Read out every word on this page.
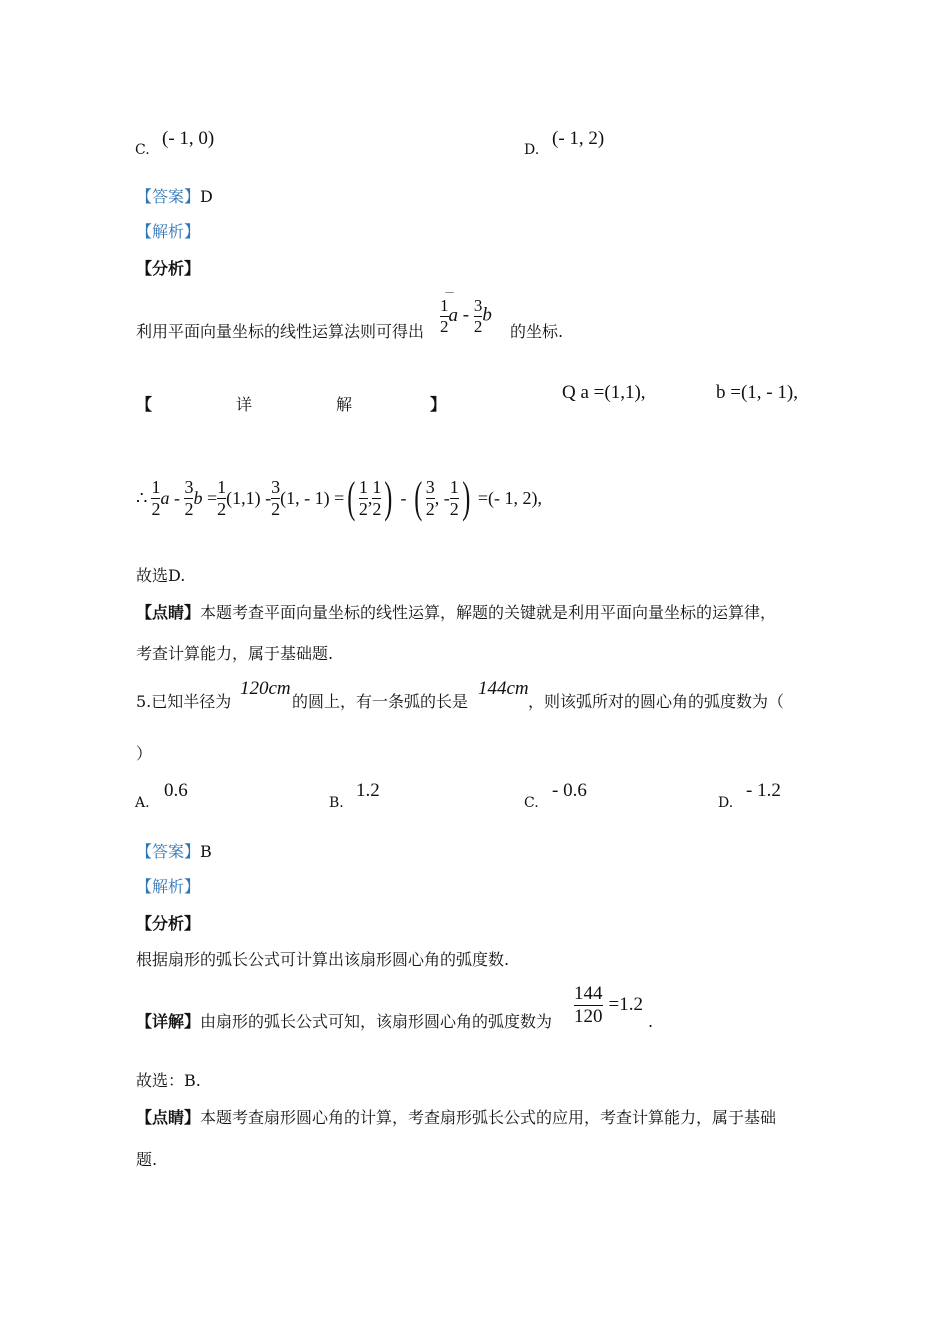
C.
(- 1, 0)
D.
(- 1, 2)
【答案】D
【解析】
【分析】
利用平面向量坐标的线性运算法则可得出 $\frac{1}{2}$ a
‾‾
- $\frac{3}{2}$ b
的坐标.
【	详	解	】
Q a =(1,1),	b =(1, - 1),
∴ $\frac{1}{2}$ a - $\frac{3}{2}$ $b = \frac{1}{2} (1,1) - \frac{3}{2} (1$, - 1) = ( $\frac{1}{2}$ , $\frac{1}{2}$ ) - ( $\frac{3}{2}$ , - $\frac{1}{2}$ ) = (- 1, 2) ,
故选D.
【点睛】本题考查平面向量坐标的线性运算，解题的关键就是利用平面向量坐标的运算律，
考查计算能力，属于基础题.
5.已知半径为
120cm
的圆上，有一条弧的长是
144cm
，则该弧所对的圆心角的弧度数为（
）
A.
0.6
B.
1.2
C.
- 0.6
D.
- 1.2
【答案】B
【解析】
【分析】
根据扇形的弧长公式可计算出该扇形圆心角的弧度数.
【详解】由扇形的弧长公式可知，该扇形圆心角的弧度数为 $\frac{144}{120} =1.2$
.
故选：B.
【点睛】本题考查扇形圆心角的计算，考查扇形弧长公式的应用，考查计算能力，属于基础
题.
